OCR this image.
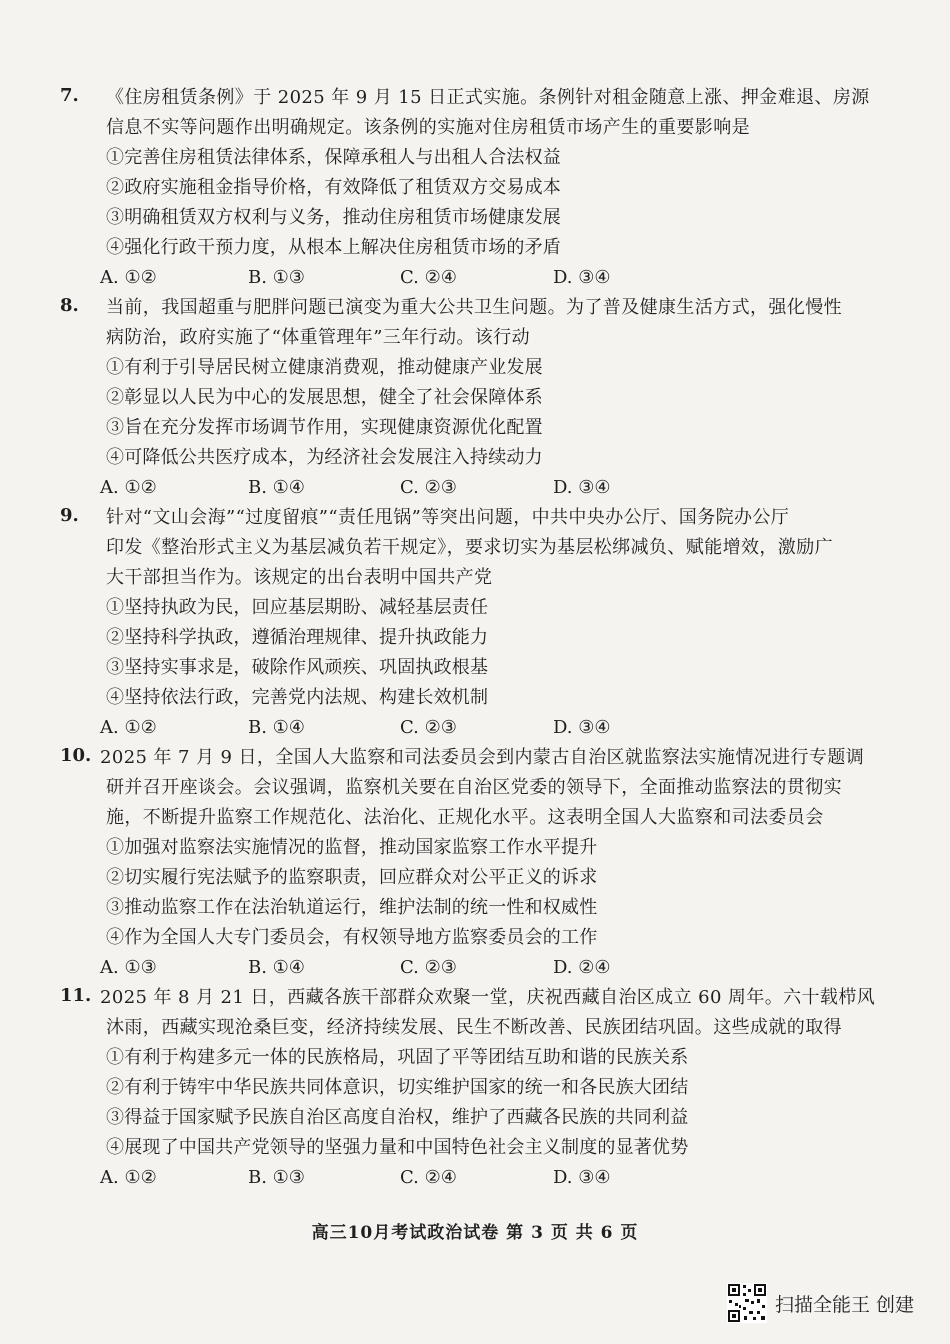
7. 《住房租赁条例》于 2025 年 9 月 15 日正式实施。条例针对租金随意上涨、押金难退、房源
信息不实等问题作出明确规定。该条例的实施对住房租赁市场产生的重要影响是
①完善住房租赁法律体系，保障承租人与出租人合法权益
②政府实施租金指导价格，有效降低了租赁双方交易成本
③明确租赁双方权利与义务，推动住房租赁市场健康发展
④强化行政干预力度，从根本上解决住房租赁市场的矛盾
A. ①②	B. ①③	C. ②④	D. ③④
8. 当前，我国超重与肥胖问题已演变为重大公共卫生问题。为了普及健康生活方式，强化慢性
病防治，政府实施了“体重管理年”三年行动。该行动
①有利于引导居民树立健康消费观，推动健康产业发展
②彰显以人民为中心的发展思想，健全了社会保障体系
③旨在充分发挥市场调节作用，实现健康资源优化配置
④可降低公共医疗成本，为经济社会发展注入持续动力
A. ①②	B. ①④	C. ②③	D. ③④
9. 针对“文山会海”“过度留痕”“责任甩锅”等突出问题，中共中央办公厅、国务院办公厅
印发《整治形式主义为基层减负若干规定》，要求切实为基层松绑减负、赋能增效，激励广
大干部担当作为。该规定的出台表明中国共产党
①坚持执政为民，回应基层期盼、减轻基层责任
②坚持科学执政，遵循治理规律、提升执政能力
③坚持实事求是，破除作风顽疾、巩固执政根基
④坚持依法行政，完善党内法规、构建长效机制
A. ①②	B. ①④	C. ②③	D. ③④
10. 2025 年 7 月 9 日，全国人大监察和司法委员会到内蒙古自治区就监察法实施情况进行专题调
研并召开座谈会。会议强调，监察机关要在自治区党委的领导下，全面推动监察法的贯彻实
施，不断提升监察工作规范化、法治化、正规化水平。这表明全国人大监察和司法委员会
①加强对监察法实施情况的监督，推动国家监察工作水平提升
②切实履行宪法赋予的监察职责，回应群众对公平正义的诉求
③推动监察工作在法治轨道运行，维护法制的统一性和权威性
④作为全国人大专门委员会，有权领导地方监察委员会的工作
A. ①③	B. ①④	C. ②③	D. ②④
11. 2025 年 8 月 21 日，西藏各族干部群众欢聚一堂，庆祝西藏自治区成立 60 周年。六十载栉风
沐雨，西藏实现沧桑巨变，经济持续发展、民生不断改善、民族团结巩固。这些成就的取得
①有利于构建多元一体的民族格局，巩固了平等团结互助和谐的民族关系
②有利于铸牢中华民族共同体意识，切实维护国家的统一和各民族大团结
③得益于国家赋予民族自治区高度自治权，维护了西藏各民族的共同利益
④展现了中国共产党领导的坚强力量和中国特色社会主义制度的显著优势
A. ①②	B. ①③	C. ②④	D. ③④
高三10月考试政治试卷 第 3 页 共 6 页
扫描全能王 创建
